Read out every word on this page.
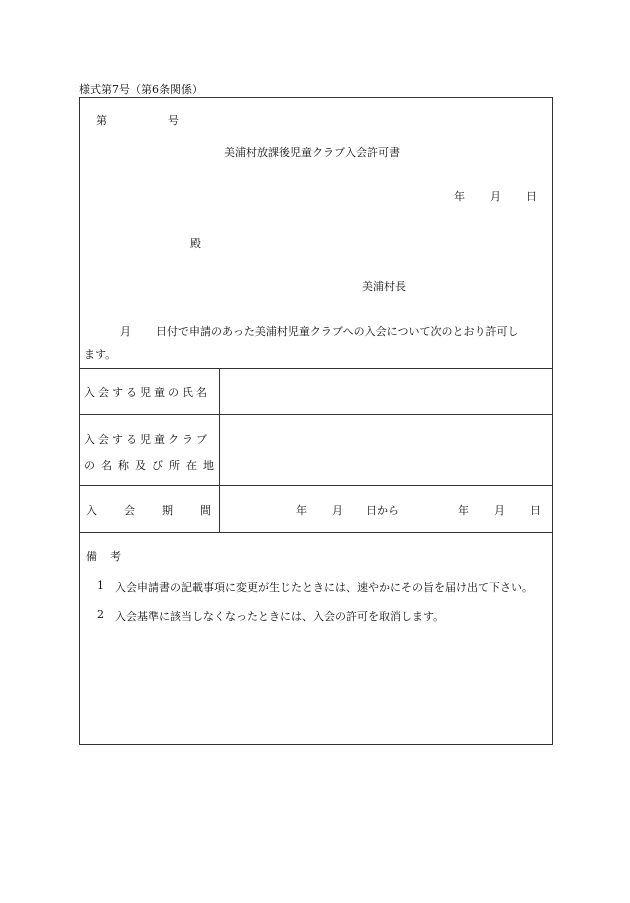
様式第7号（第6条関係）
第	号
美浦村放課後児童クラブ入会許可書
年 月 日
殿
美浦村長
月 日付で申請のあった美浦村児童クラブへの入会について次のとおり許可し
ます。
入会する児童の氏名
入会する児童クラブ
の名称及び所在地
入 会 期 間	年 月 日から	年 月 日
備 考
1 入会申請書の記載事項に変更が生じたときには、速やかにその旨を届け出て下さい。
2 入会基準に該当しなくなったときには、入会の許可を取消します。
